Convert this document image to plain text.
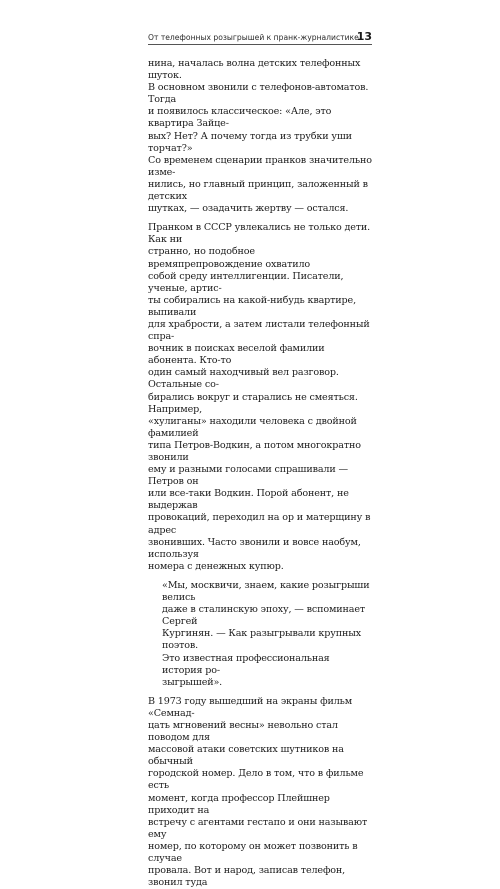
От телефонных розыгрышей к пранк-журналистике
13

нина, началась волна детских телефонных шуток.
В основном звонили с телефонов-автоматов. Тогда
и появилось классическое: «Але, это квартира Зайце-
вых? Нет? А почему тогда из трубки уши торчат?»
Со временем сценарии пранков значительно изме-
нились, но главный принцип, заложенный в детских
шутках, — озадачить жертву — остался.

Пранком в СССР увлекались не только дети. Как ни
странно, но подобное времяпрепровождение охватило
собой среду интеллигенции. Писатели, ученые, артис-
ты собирались на какой-нибудь квартире, выпивали
для храбрости, а затем листали телефонный спра-
вочник в поисках веселой фамилии абонента. Кто-то
один самый находчивый вел разговор. Остальные со-
бирались вокруг и старались не смеяться. Например,
«хулиганы» находили человека с двойной фамилией
типа Петров-Водкин, а потом многократно звонили
ему и разными голосами спрашивали — Петров он
или все-таки Водкин. Порой абонент, не выдержав
провокаций, переходил на ор и матерщину в адрес
звонивших. Часто звонили и вовсе наобум, используя
номера с денежных купюр.

«Мы, москвичи, знаем, какие розыгрыши велись
даже в сталинскую эпоху, — вспоминает Сергей
Кургинян. — Как разыгрывали крупных поэтов.
Это известная профессиональная история ро-
зыгрышей».

В 1973 году вышедший на экраны фильм «Семнад-
цать мгновений весны» невольно стал поводом для
массовой атаки советских шутников на обычный
городской номер. Дело в том, что в фильме есть
момент, когда профессор Плейшнер приходит на
встречу с агентами гестапо и они называют ему
номер, по которому он может позвонить в случае
провала. Вот и народ, записав телефон, звонил туда
